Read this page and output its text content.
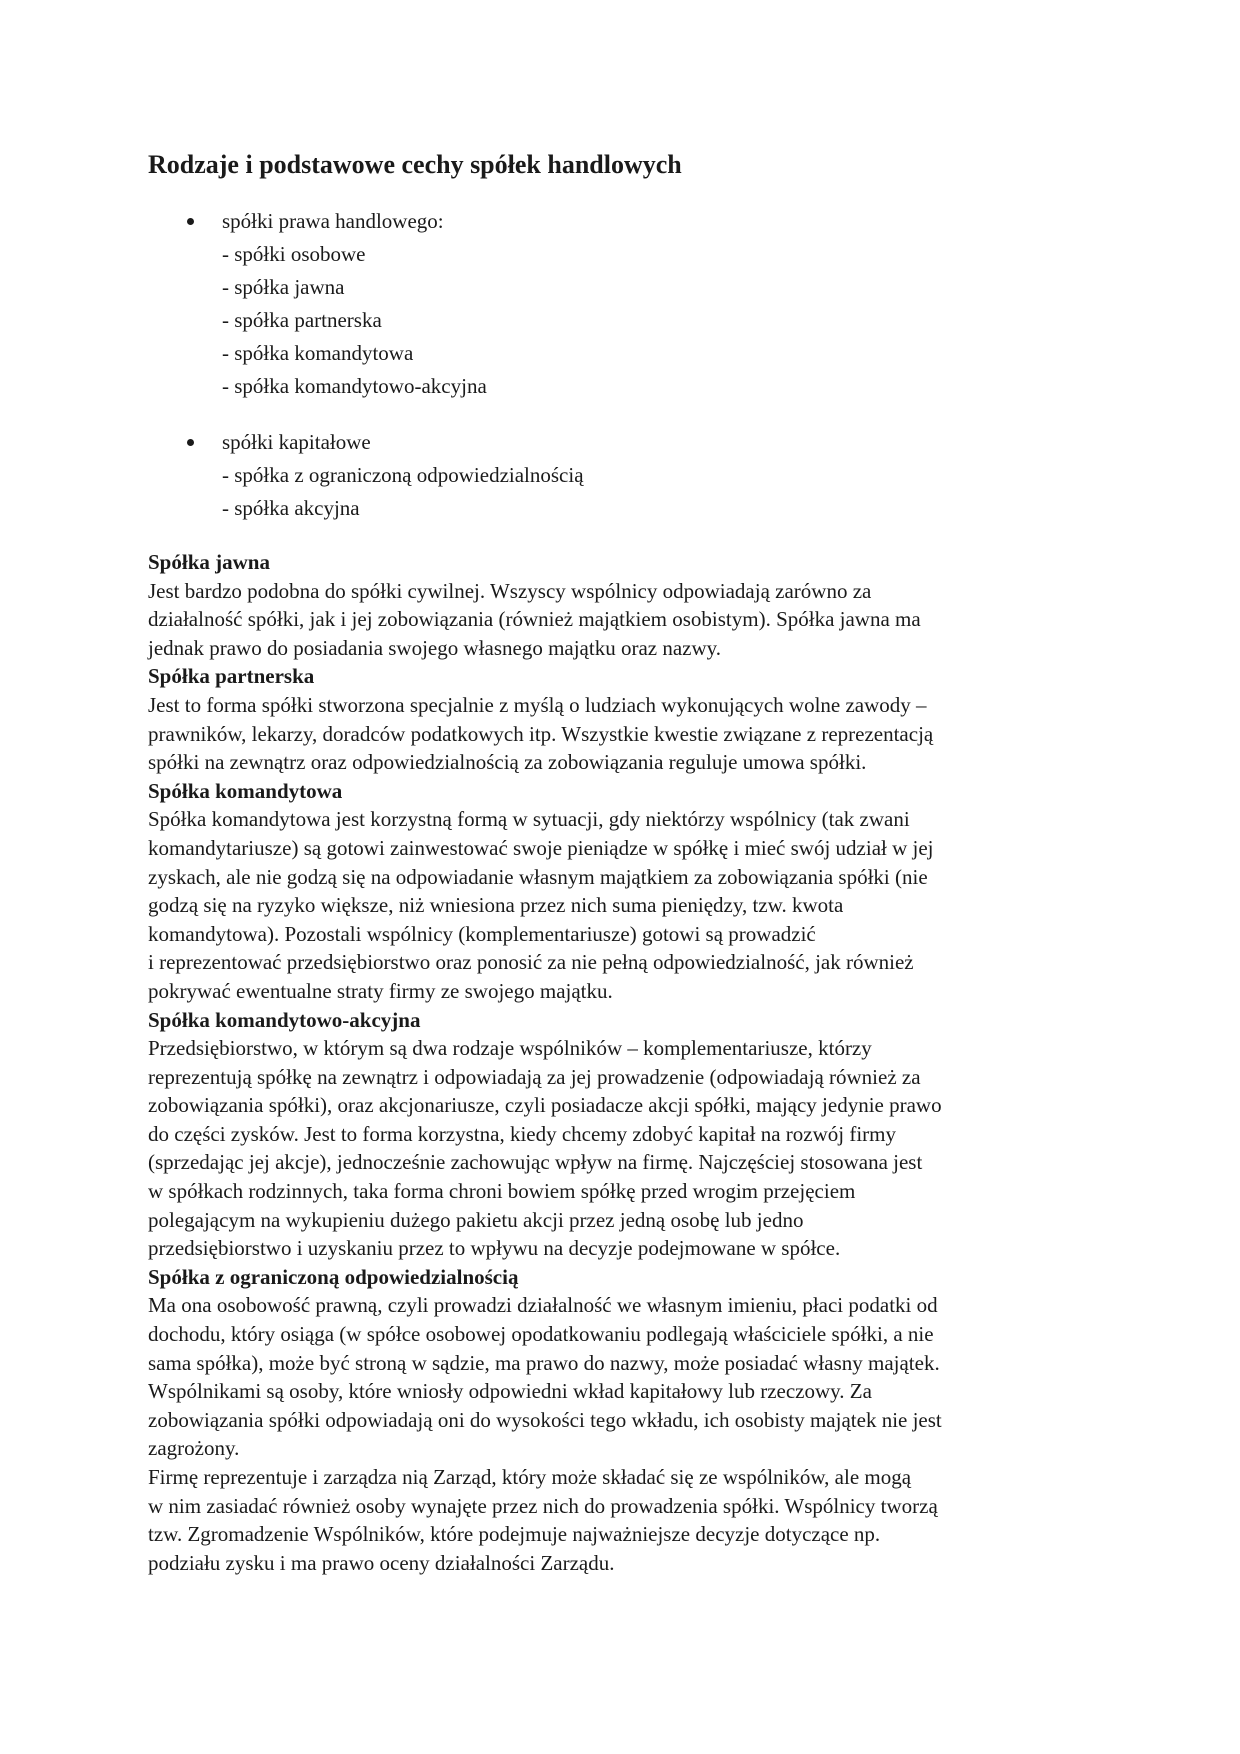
Rodzaje i podstawowe cechy spółek handlowych
spółki prawa handlowego:
- spółki osobowe
- spółka jawna
- spółka partnerska
- spółka komandytowa
- spółka komandytowo-akcyjna
spółki kapitałowe
- spółka z ograniczoną odpowiedzialnością
- spółka akcyjna
Spółka jawna

Jest bardzo podobna do spółki cywilnej. Wszyscy wspólnicy odpowiadają zarówno za
działalność spółki, jak i jej zobowiązania (również majątkiem osobistym). Spółka jawna ma
jednak prawo do posiadania swojego własnego majątku oraz nazwy.

Spółka partnerska

Jest to forma spółki stworzona specjalnie z myślą o ludziach wykonujących wolne zawody –
prawników, lekarzy, doradców podatkowych itp. Wszystkie kwestie związane z reprezentacją
spółki na zewnątrz oraz odpowiedzialnością za zobowiązania reguluje umowa spółki.

Spółka komandytowa

Spółka komandytowa jest korzystną formą w sytuacji, gdy niektórzy wspólnicy (tak zwani
komandytariusze) są gotowi zainwestować swoje pieniądze w spółkę i mieć swój udział w jej
zyskach, ale nie godzą się na odpowiadanie własnym majątkiem za zobowiązania spółki (nie
godzą się na ryzyko większe, niż wniesiona przez nich suma pieniędzy, tzw. kwota
komandytowa). Pozostali wspólnicy (komplementariusze) gotowi są prowadzić
i reprezentować przedsiębiorstwo oraz ponosić za nie pełną odpowiedzialność, jak również
pokrywać ewentualne straty firmy ze swojego majątku.

Spółka komandytowo-akcyjna

Przedsiębiorstwo, w którym są dwa rodzaje wspólników – komplementariusze, którzy
reprezentują spółkę na zewnątrz i odpowiadają za jej prowadzenie (odpowiadają również za
zobowiązania spółki), oraz akcjonariusze, czyli posiadacze akcji spółki, mający jedynie prawo
do części zysków. Jest to forma korzystna, kiedy chcemy zdobyć kapitał na rozwój firmy
(sprzedając jej akcje), jednocześnie zachowując wpływ na firmę. Najczęściej stosowana jest
w spółkach rodzinnych, taka forma chroni bowiem spółkę przed wrogim przejęciem
polegającym na wykupieniu dużego pakietu akcji przez jedną osobę lub jedno
przedsiębiorstwo i uzyskaniu przez to wpływu na decyzje podejmowane w spółce.

Spółka z ograniczoną odpowiedzialnością

Ma ona osobowość prawną, czyli prowadzi działalność we własnym imieniu, płaci podatki od
dochodu, który osiąga (w spółce osobowej opodatkowaniu podlegają właściciele spółki, a nie
sama spółka), może być stroną w sądzie, ma prawo do nazwy, może posiadać własny majątek.
Wspólnikami są osoby, które wniosły odpowiedni wkład kapitałowy lub rzeczowy. Za
zobowiązania spółki odpowiadają oni do wysokości tego wkładu, ich osobisty majątek nie jest
zagrożony.

Firmę reprezentuje i zarządza nią Zarząd, który może składać się ze wspólników, ale mogą
w nim zasiadać również osoby wynajęte przez nich do prowadzenia spółki. Wspólnicy tworzą
tzw. Zgromadzenie Wspólników, które podejmuje najważniejsze decyzje dotyczące np.
podziału zysku i ma prawo oceny działalności Zarządu.
